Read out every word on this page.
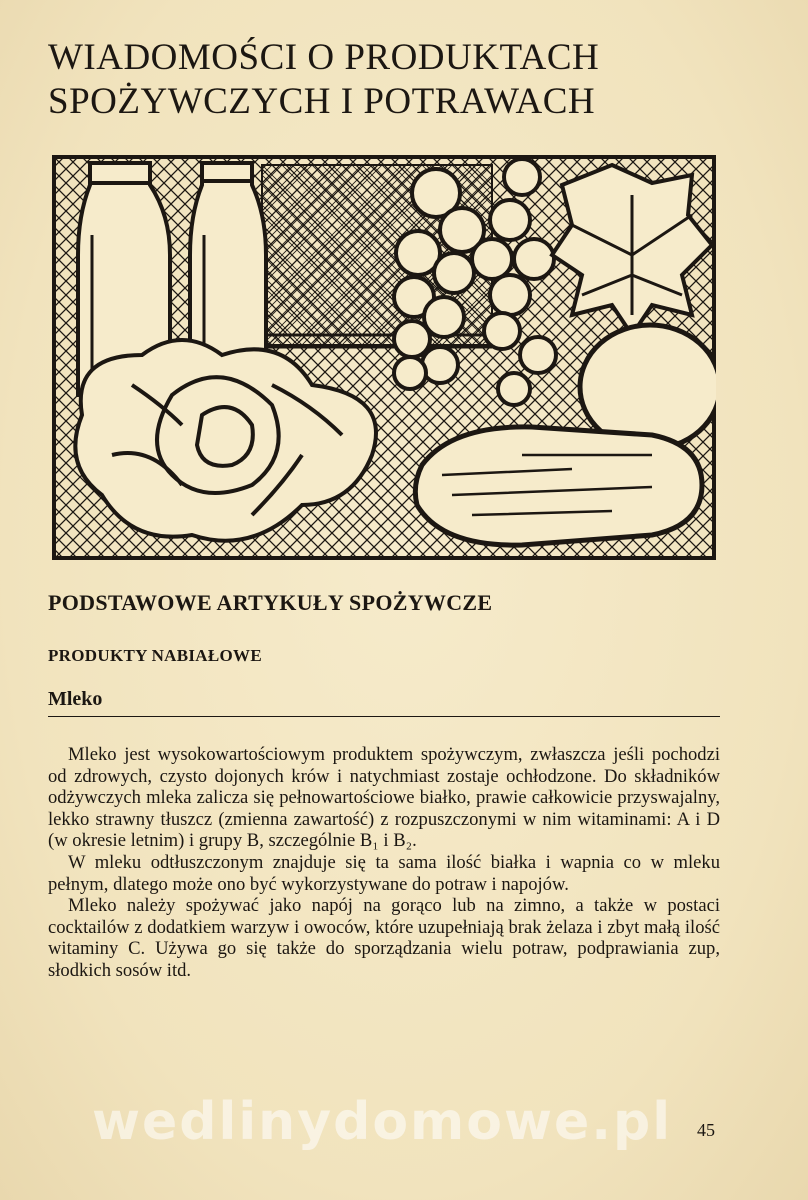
WIADOMOŚCI O PRODUKTACH
SPOŻYWCZYCH I POTRAWACH
PODSTAWOWE ARTYKUŁY SPOŻYWCZE
PRODUKTY NABIAŁOWE
Mleko

Mleko jest wysokowartościowym produktem spożywczym, zwłaszcza jeśli pochodzi od zdrowych, czysto dojonych krów i natychmiast zostaje ochłodzone. Do składników odżywczych mleka zalicza się pełnowartościowe białko, prawie całkowicie przyswajalny, lekko strawny tłuszcz (zmienna zawartość) z rozpuszczonymi w nim witaminami: A i D (w okresie letnim) i grupy B, szczególnie B₁ i B₂.

W mleku odtłuszczonym znajduje się ta sama ilość białka i wapnia co w mleku pełnym, dlatego może ono być wykorzystywane do potraw i napojów.

Mleko należy spożywać jako napój na gorąco lub na zimno, a także w postaci cocktailów z dodatkiem warzyw i owoców, które uzupełniają brak żelaza i zbyt małą ilość witaminy C. Używa go się także do sporządzania wielu potraw, podprawiania zup, słodkich sosów itd.

wedlinydomowe.pl 45
